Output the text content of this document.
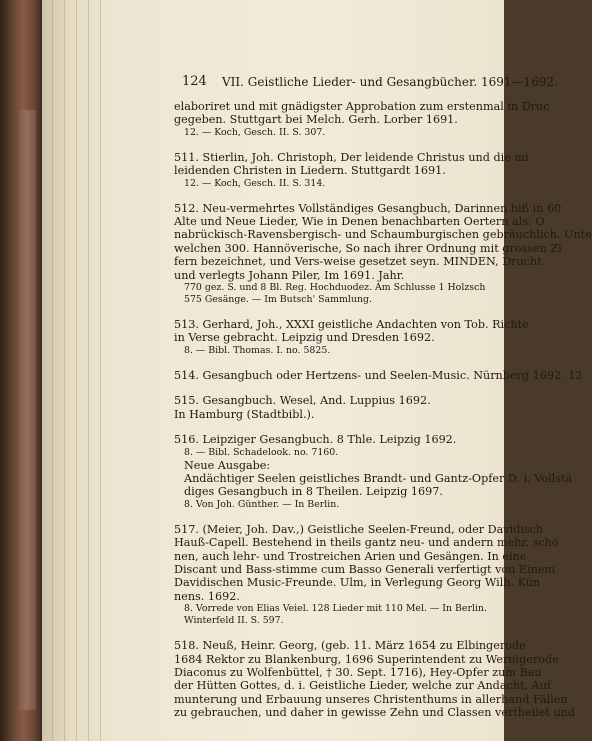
124 VII. Geistliche Lieder- und Gesangbücher. 1691—1692.

elaboriret und mit gnädigster Approbation zum erstenmal in Druc

gegeben. Stuttgart bei Melch. Gerh. Lorber 1691.

12. — Koch, Gesch. II. S. 307.

511. Stierlin, Joh. Christoph, Der leidende Christus und die mi

leidenden Christen in Liedern. Stuttgardt 1691.

12. — Koch, Gesch. II. S. 314.

512. Neu-vermehrtes Vollständiges Gesangbuch, Darinnen biß in 60

Alte und Neue Lieder, Wie in Denen benachbarten Oertern als: O

nabrückisch-Ravensbergisch- und Schaumburgischen gebräuchlich. Unte

welchen 300. Hannöverische, So nach ihrer Ordnung mit grossen Zi

fern bezeichnet, und Vers-weise gesetzet seyn. MINDEN, Drucht

und verlegts Johann Piler, Im 1691. Jahr.

770 gez. S. und 8 Bl. Reg. Hochduodez. Am Schlusse 1 Holzsch

575 Gesänge. — Im Butsch' Sammlung.

513. Gerhard, Joh., XXXI geistliche Andachten von Tob. Richte

in Verse gebracht. Leipzig und Dresden 1692.

8. — Bibl. Thomas. I. no. 5825.

514. Gesangbuch oder Hertzens- und Seelen-Music. Nürnberg 1692. 12

515. Gesangbuch. Wesel, And. Luppius 1692.

In Hamburg (Stadtbibl.).

516. Leipziger Gesangbuch. 8 Thle. Leipzig 1692.

8. — Bibl. Schadelook. no. 7160.

Neue Ausgabe:

Andächtiger Seelen geistliches Brandt- und Gantz-Opfer D. i. Vollstä

diges Gesangbuch in 8 Theilen. Leipzig 1697.

8. Von Joh. Günther. — In Berlin.

517. (Meier, Joh. Dav.,) Geistliche Seelen-Freund, oder Davidisch

Hauß-Capell. Bestehend in theils gantz neu- und andern mehr, schö

nen, auch lehr- und Trostreichen Arien und Gesängen. In eine

Discant und Bass-stimme cum Basso Generali verfertigt von Einem

Davidischen Music-Freunde. Ulm, in Verlegung Georg Wilh. Kün

nens. 1692.

8. Vorrede von Elias Veiel. 128 Lieder mit 110 Mel. — In Berlin.

Winterfeld II. S. 597.

518. Neuß, Heinr. Georg, (geb. 11. März 1654 zu Elbingerode

1684 Rektor zu Blankenburg, 1696 Superintendent zu Wernigerode

Diaconus zu Wolfenbüttel, † 30. Sept. 1716), Hey-Opfer zum Bau

der Hütten Gottes, d. i. Geistliche Lieder, welche zur Andacht, Auf

munterung und Erbauung unseres Christenthums in allerhand Fällen

zu gebrauchen, und daher in gewisse Zehn und Classen vertheilet und
